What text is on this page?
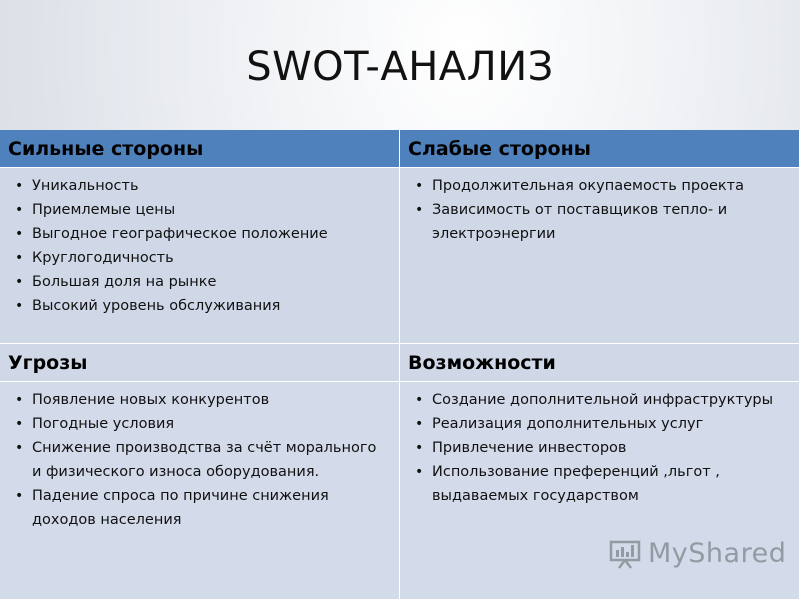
SWOT-АНАЛИЗ
Сильные стороны	Слабые стороны
• Уникальность
• Приемлемые цены
• Выгодное географическое положение
• Круглогодичность
• Большая доля на рынке
• Высокий уровень обслуживания
• Продолжительная окупаемость проекта
• Зависимость от поставщиков тепло- и электроэнергии
Угрозы	Возможности
• Появление новых конкурентов
• Погодные условия
• Снижение производства за счёт морального и физического износа оборудования.
• Падение спроса по причине снижения доходов населения
• Создание дополнительной инфраструктуры
• Реализация дополнительных услуг
• Привлечение инвесторов
• Использование преференций ,льгот , выдаваемых государством
MyShared
